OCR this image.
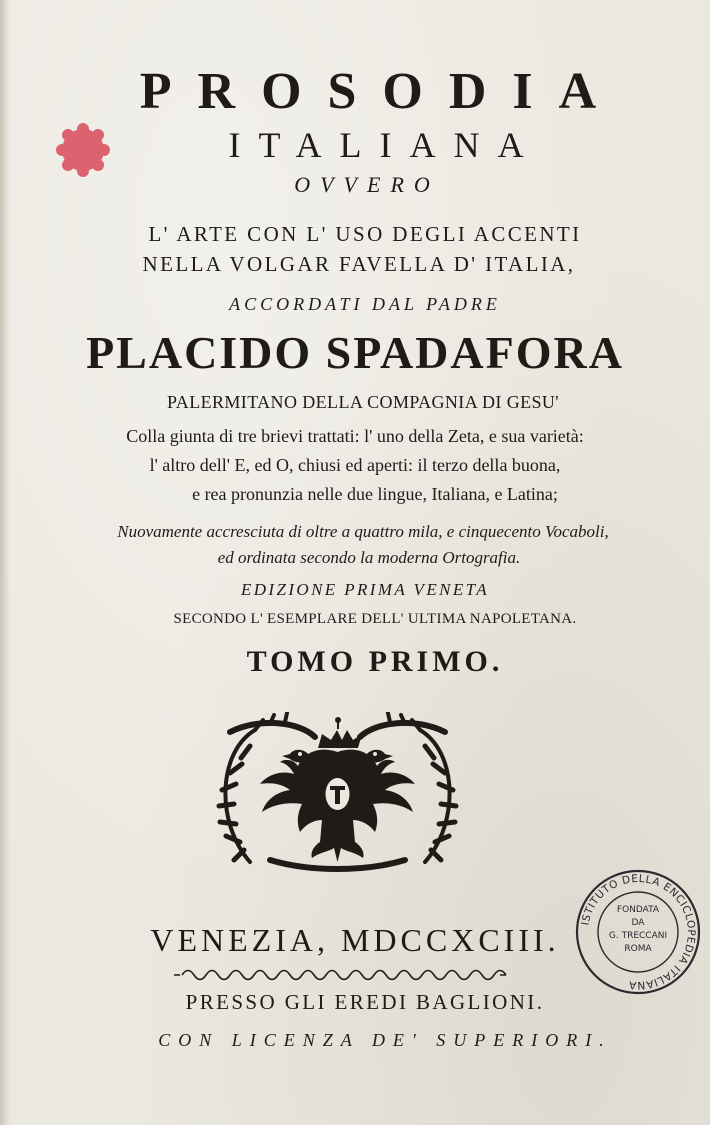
PROSODIA
ITALIANA
OVVERO
L' ARTE CON L' USO DEGLI ACCENTI
NELLA VOLGAR FAVELLA D' ITALIA,
ACCORDATI DAL PADRE
PLACIDO SPADAFORA
PALERMITANO DELLA COMPAGNIA DI GESU'
Colla giunta di tre brievi trattati: l' uno della Zeta, e sua varietà:
l' altro dell' E, ed O, chiusi ed aperti: il terzo della buona,
e rea pronunzia nelle due lingue, Italiana, e Latina;
Nuovamente accresciuta di oltre a quattro mila, e cinquecento Vocaboli,
ed ordinata secondo la moderna Ortografia.
EDIZIONE PRIMA VENETA
SECONDO L' ESEMPLARE DELL' ULTIMA NAPOLETANA.
TOMO PRIMO.
ISTITUTO DELLA ENCICLOPEDIA ITALIANA
FONDATA
DA
G. TRECCANI
ROMA
VENEZIA, MDCCXCIII.
PRESSO GLI EREDI BAGLIONI.
CON LICENZA DE' SUPERIORI.
